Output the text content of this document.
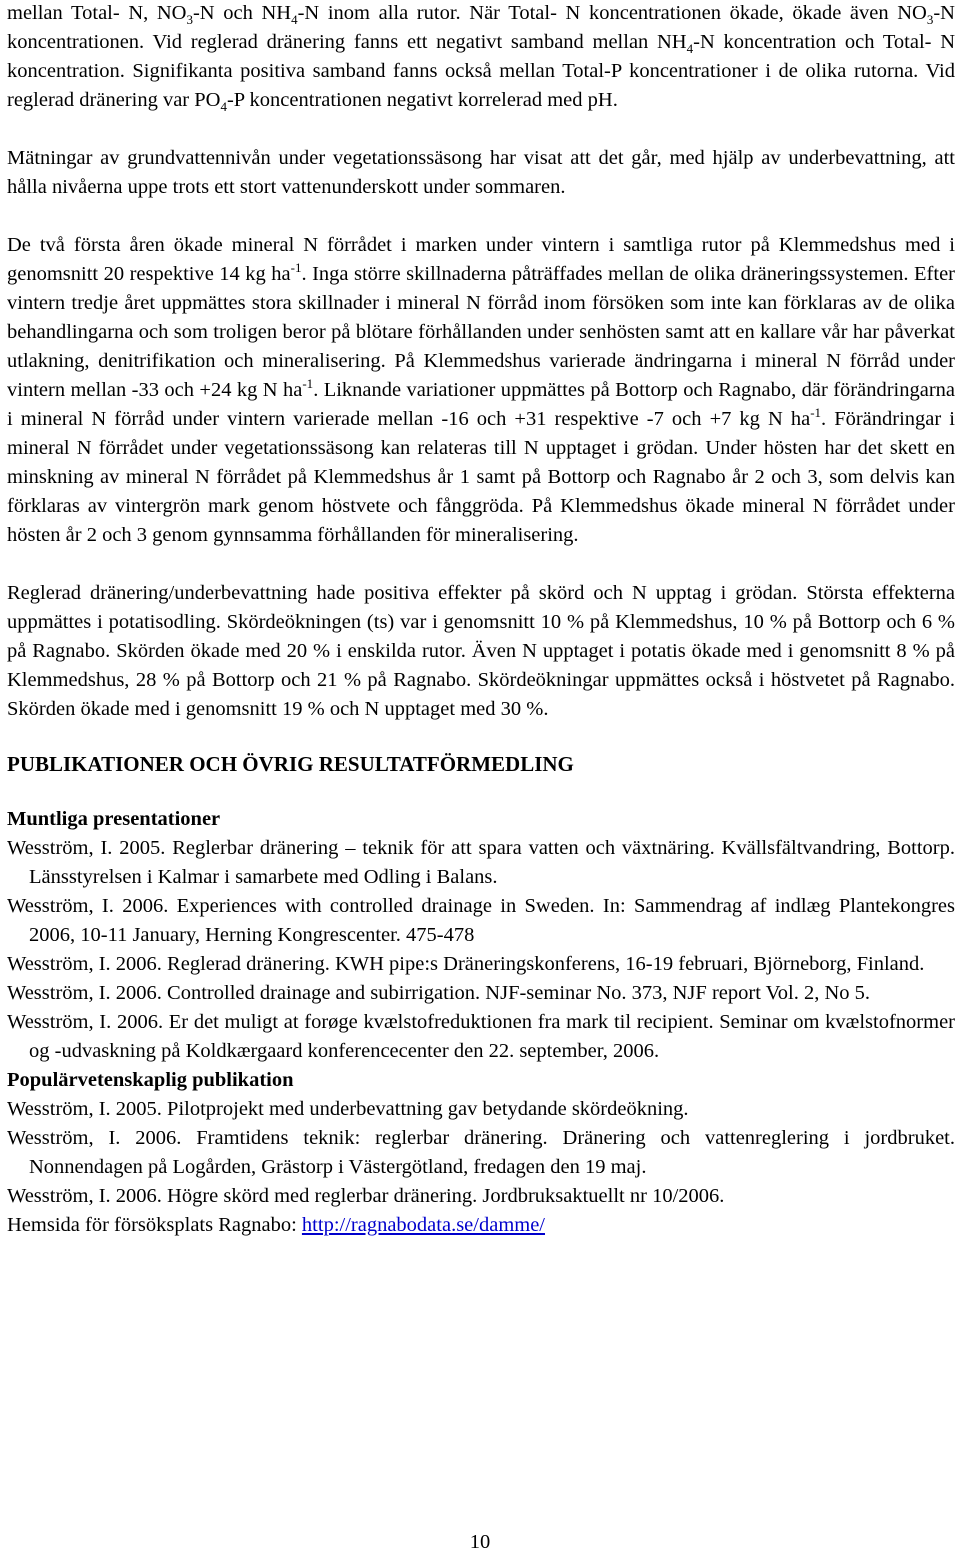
mellan Total- N, $NO_3-N$ och $NH_4-N$ inom alla rutor. När Total- N koncentrationen ökade, ökade även $NO_3-N$ koncentrationen. Vid reglerad dränering fanns ett negativt samband mellan $NH_4-N$ koncentration och Total- N koncentration. Signifikanta positiva samband fanns också mellan Total-P koncentrationer i de olika rutorna. Vid reglerad dränering var $PO_4-P$ koncentrationen negativt korrelerad med pH.

Mätningar av grundvattennivån under vegetationssäsong har visat att det går, med hjälp av underbevattning, att hålla nivåerna uppe trots ett stort vattenunderskott under sommaren.

De två första åren ökade mineral N förrådet i marken under vintern i samtliga rutor på Klemmedshus med i genomsnitt 20 respektive 14 kg $ha^{-1}$. Inga större skillnaderna påträffades mellan de olika dräneringssystemen. Efter vintern tredje året uppmättes stora skillnader i mineral N förråd inom försöken som inte kan förklaras av de olika behandlingarna och som troligen beror på blötare förhållanden under senhösten samt att en kallare vår har påverkat utlakning, denitrifikation och mineralisering. På Klemmedshus varierade ändringarna i mineral N förråd under vintern mellan -33 och +24 kg N $ha^{-1}$. Liknande variationer uppmättes på Bottorp och Ragnabo, där förändringarna i mineral N förråd under vintern varierade mellan -16 och +31 respektive -7 och +7 kg N $ha^{-1}$. Förändringar i mineral N förrådet under vegetationssäsong kan relateras till N upptaget i grödan. Under hösten har det skett en minskning av mineral N förrådet på Klemmedshus år 1 samt på Bottorp och Ragnabo år 2 och 3, som delvis kan förklaras av vintergrön mark genom höstvete och fånggröda. På Klemmedshus ökade mineral N förrådet under hösten år 2 och 3 genom gynnsamma förhållanden för mineralisering.

Reglerad dränering/underbevattning hade positiva effekter på skörd och N upptag i grödan. Största effekterna uppmättes i potatisodling. Skördeökningen (ts) var i genomsnitt 10 % på Klemmedshus, 10 % på Bottorp och 6 % på Ragnabo. Skörden ökade med 20 % i enskilda rutor. Även N upptaget i potatis ökade med i genomsnitt 8 % på Klemmedshus, 28 % på Bottorp och 21 % på Ragnabo. Skördeökningar uppmättes också i höstvetet på Ragnabo. Skörden ökade med i genomsnitt 19 % och N upptaget med 30 %.

PUBLIKATIONER OCH ÖVRIG RESULTATFÖRMEDLING
Muntliga presentationer

Wesström, I. 2005. Reglerbar dränering – teknik för att spara vatten och växtnäring. Kvällsfältvandring, Bottorp. Länsstyrelsen i Kalmar i samarbete med Odling i Balans.

Wesström, I. 2006. Experiences with controlled drainage in Sweden. In: Sammendrag af indlæg Plantekongres 2006, 10-11 January, Herning Kongrescenter. 475-478

Wesström, I. 2006. Reglerad dränering. KWH pipe:s Dräneringskonferens, 16-19 februari, Björneborg, Finland.

Wesström, I. 2006. Controlled drainage and subirrigation. NJF-seminar No. 373, NJF report Vol. 2, No 5.

Wesström, I. 2006. Er det muligt at forøge kvælstofreduktionen fra mark til recipient. Seminar om kvælstofnormer og -udvaskning på Koldkærgaard konferencecenter den 22. september, 2006.

Populärvetenskaplig publikation

Wesström, I. 2005. Pilotprojekt med underbevattning gav betydande skördeökning.

Wesström, I. 2006. Framtidens teknik: reglerbar dränering. Dränering och vattenreglering i jordbruket. Nonnendagen på Logården, Grästorp i Västergötland, fredagen den 19 maj.

Wesström, I. 2006. Högre skörd med reglerbar dränering. Jordbruksaktuellt nr 10/2006.

Hemsida för försöksplats Ragnabo: http://ragnabodata.se/damme/

10
